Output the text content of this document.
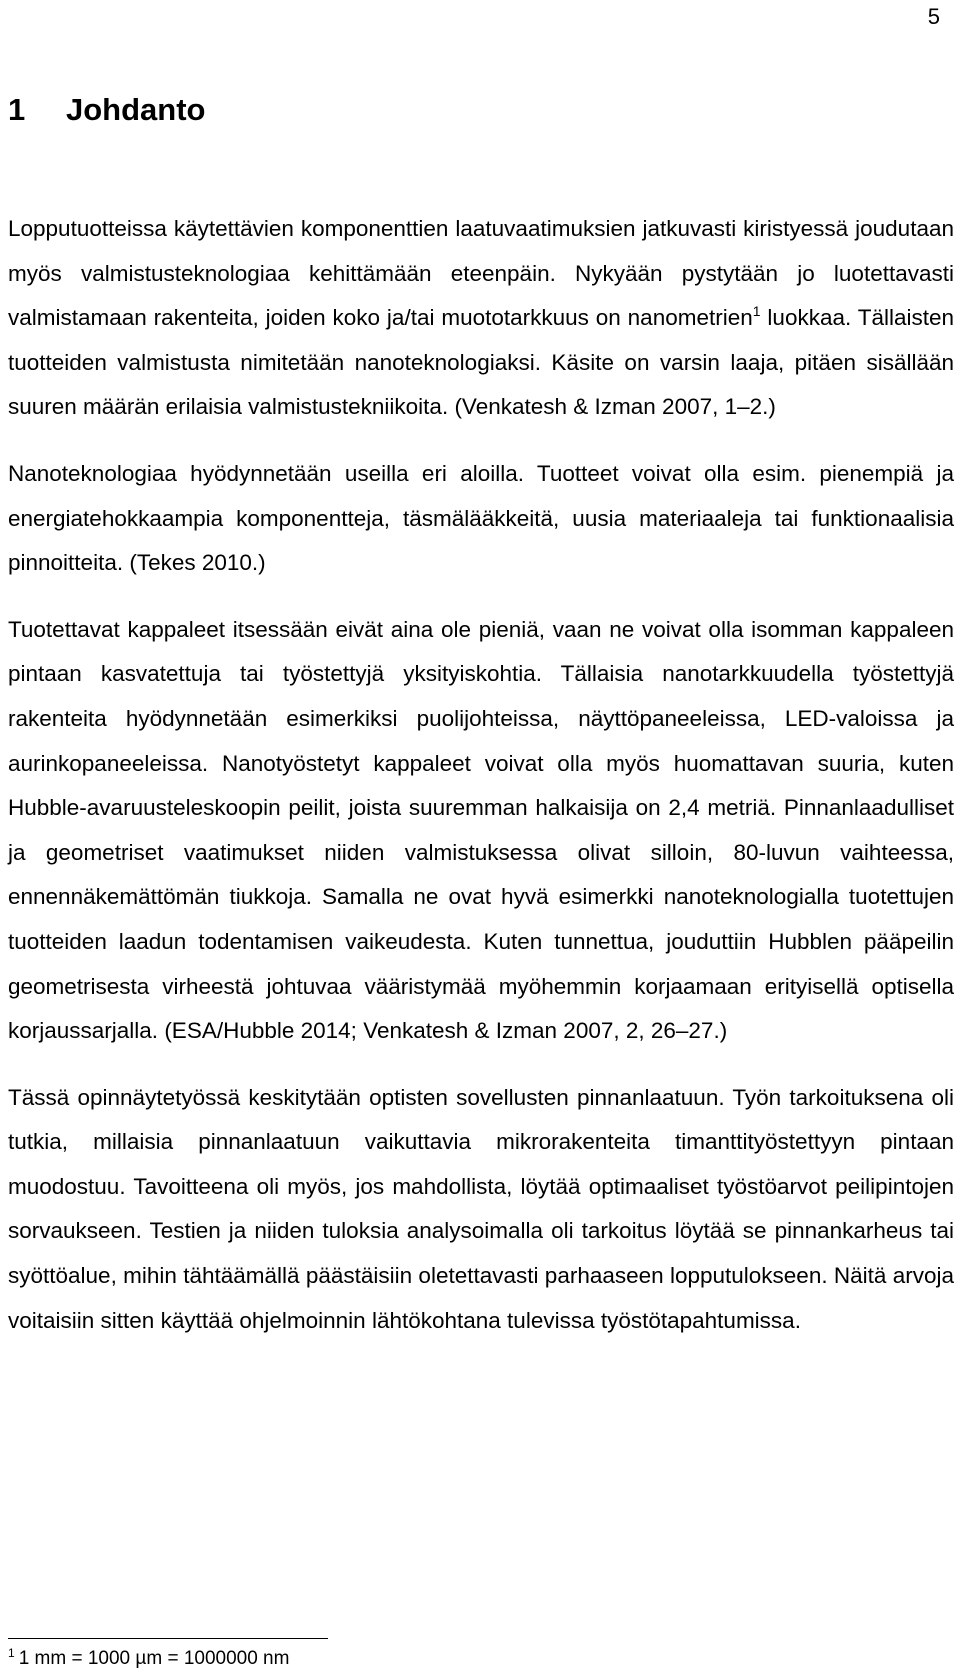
5
1 Johdanto

Lopputuotteissa käytettävien komponenttien laatuvaatimuksien jatkuvasti kiristyessä joudutaan myös valmistusteknologiaa kehittämään eteenpäin. Nykyään pystytään jo luotettavasti valmistamaan rakenteita, joiden koko ja/tai muototarkkuus on nanometrien$^1$ luokkaa. Tällaisten tuotteiden valmistusta nimitetään nanoteknologiaksi. Käsite on varsin laaja, pitäen sisällään suuren määrän erilaisia valmistustekniikoita. (Venkatesh & Izman 2007, 1–2.)

Nanoteknologiaa hyödynnetään useilla eri aloilla. Tuotteet voivat olla esim. pienempiä ja energiatehokkaampia komponentteja, täsmälääkkeitä, uusia materiaaleja tai funktionaalisia pinnoitteita. (Tekes 2010.)

Tuotettavat kappaleet itsessään eivät aina ole pieniä, vaan ne voivat olla isomman kappaleen pintaan kasvatettuja tai työstettyjä yksityiskohtia. Tällaisia nanotarkkuudella työstettyjä rakenteita hyödynnetään esimerkiksi puolijohteissa, näyttöpaneeleissa, LED-valoissa ja aurinkopaneeleissa. Nanotyöstetyt kappaleet voivat olla myös huomattavan suuria, kuten Hubble-avaruusteleskoopin peilit, joista suuremman halkaisija on 2,4 metriä. Pinnanlaadulliset ja geometriset vaatimukset niiden valmistuksessa olivat silloin, 80-luvun vaihteessa, ennennäkemättömän tiukkoja. Samalla ne ovat hyvä esimerkki nanoteknologialla tuotettujen tuotteiden laadun todentamisen vaikeudesta. Kuten tunnettua, jouduttiin Hubblen pääpeilin geometrisesta virheestä johtuvaa vääristymää myöhemmin korjaamaan erityisellä optisella korjaussarjalla. (ESA/Hubble 2014; Venkatesh & Izman 2007, 2, 26–27.)

Tässä opinnäytetyössä keskitytään optisten sovellusten pinnanlaatuun. Työn tarkoituksena oli tutkia, millaisia pinnanlaatuun vaikuttavia mikrorakenteita timanttityöstettyyn pintaan muodostuu. Tavoitteena oli myös, jos mahdollista, löytää optimaaliset työstöarvot peilipintojen sorvaukseen. Testien ja niiden tuloksia analysoimalla oli tarkoitus löytää se pinnankarheus tai syöttöalue, mihin tähtäämällä päästäisiin oletettavasti parhaaseen lopputulokseen. Näitä arvoja voitaisiin sitten käyttää ohjelmoinnin lähtökohtana tulevissa työstötapahtumissa.

$^1$ 1 mm = 1000 µm = 1000000 nm
